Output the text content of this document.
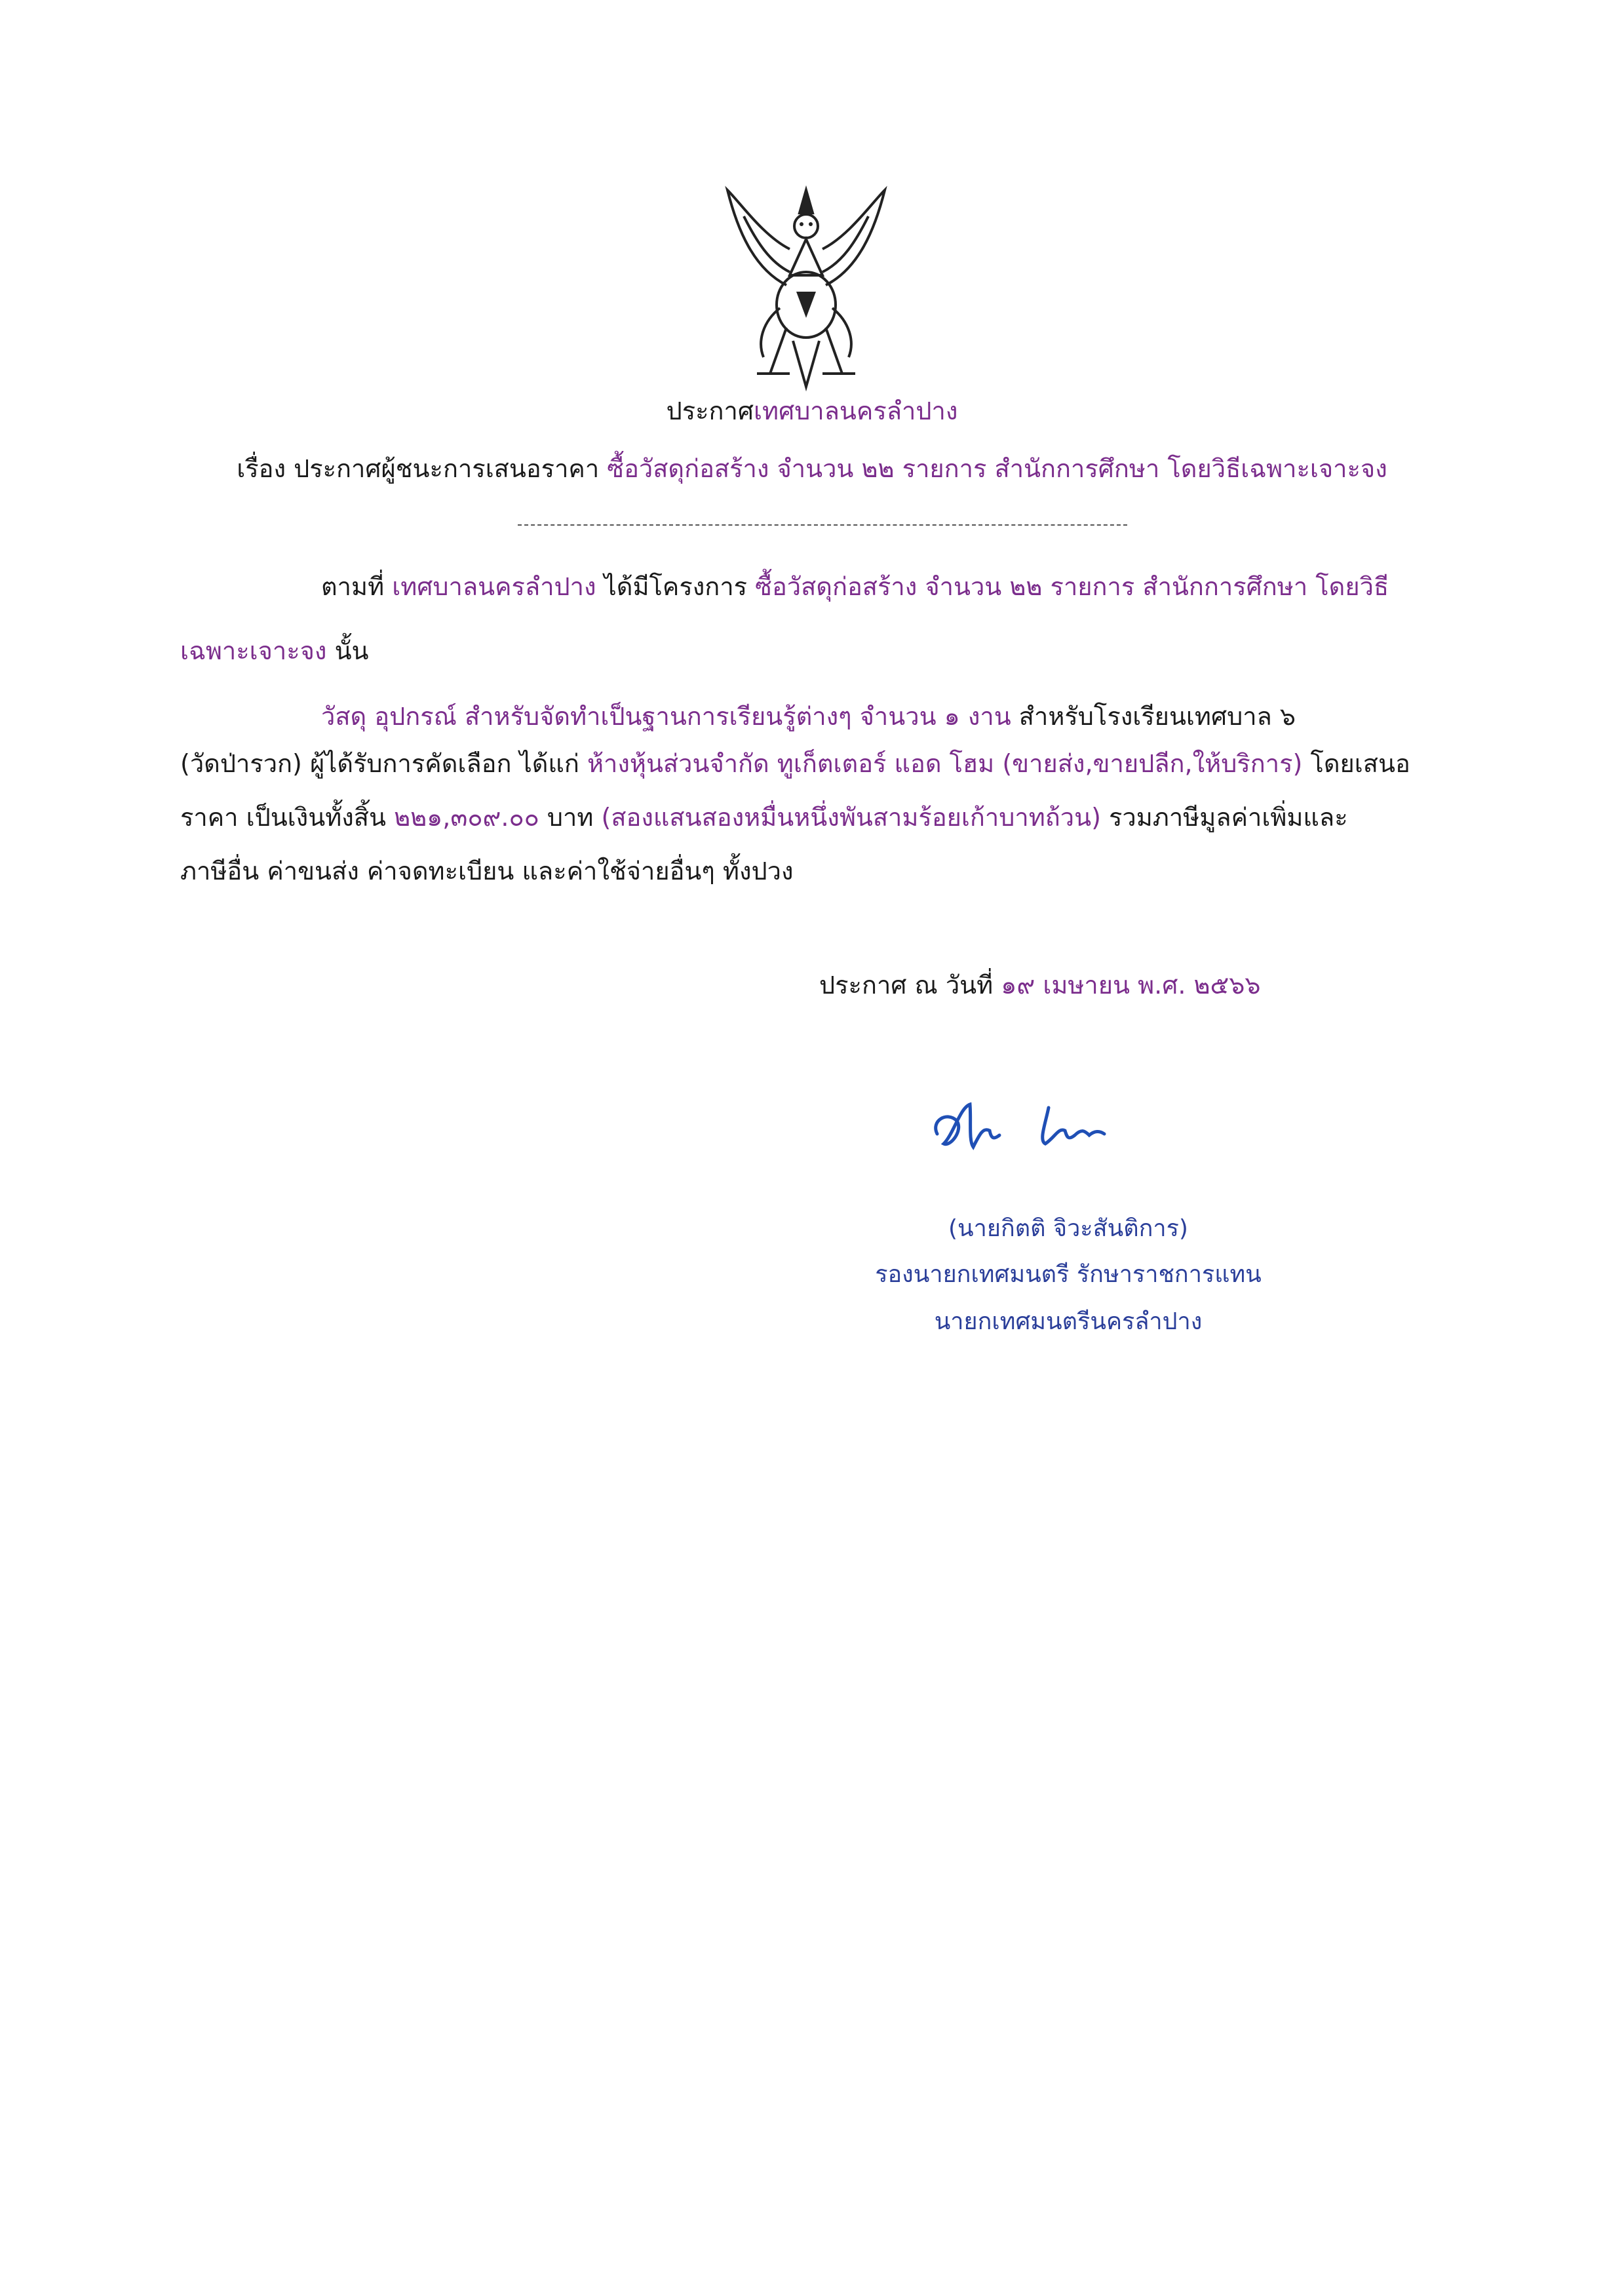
ประกาศเทศบาลนครลำปาง
เรื่อง ประกาศผู้ชนะการเสนอราคา ซื้อวัสดุก่อสร้าง จำนวน ๒๒ รายการ สำนักการศึกษา โดยวิธีเฉพาะเจาะจง
ตามที่ เทศบาลนครลำปาง ได้มีโครงการ ซื้อวัสดุก่อสร้าง จำนวน ๒๒ รายการ สำนักการศึกษา โดยวิธี
เฉพาะเจาะจง นั้น
วัสดุ อุปกรณ์ สำหรับจัดทำเป็นฐานการเรียนรู้ต่างๆ จำนวน ๑ งาน สำหรับโรงเรียนเทศบาล ๖
(วัดป่ารวก) ผู้ได้รับการคัดเลือก ได้แก่ ห้างหุ้นส่วนจำกัด ทูเก็ตเตอร์ แอด โฮม (ขายส่ง,ขายปลีก,ให้บริการ) โดยเสนอ
ราคา เป็นเงินทั้งสิ้น ๒๒๑,๓๐๙.๐๐ บาท (สองแสนสองหมื่นหนึ่งพันสามร้อยเก้าบาทถ้วน) รวมภาษีมูลค่าเพิ่มและ
ภาษีอื่น ค่าขนส่ง ค่าจดทะเบียน และค่าใช้จ่ายอื่นๆ ทั้งปวง
ประกาศ ณ วันที่ ๑๙ เมษายน พ.ศ. ๒๕๖๖
(นายกิตติ จิวะสันติการ)
รองนายกเทศมนตรี รักษาราชการแทน
นายกเทศมนตรีนครลำปาง
